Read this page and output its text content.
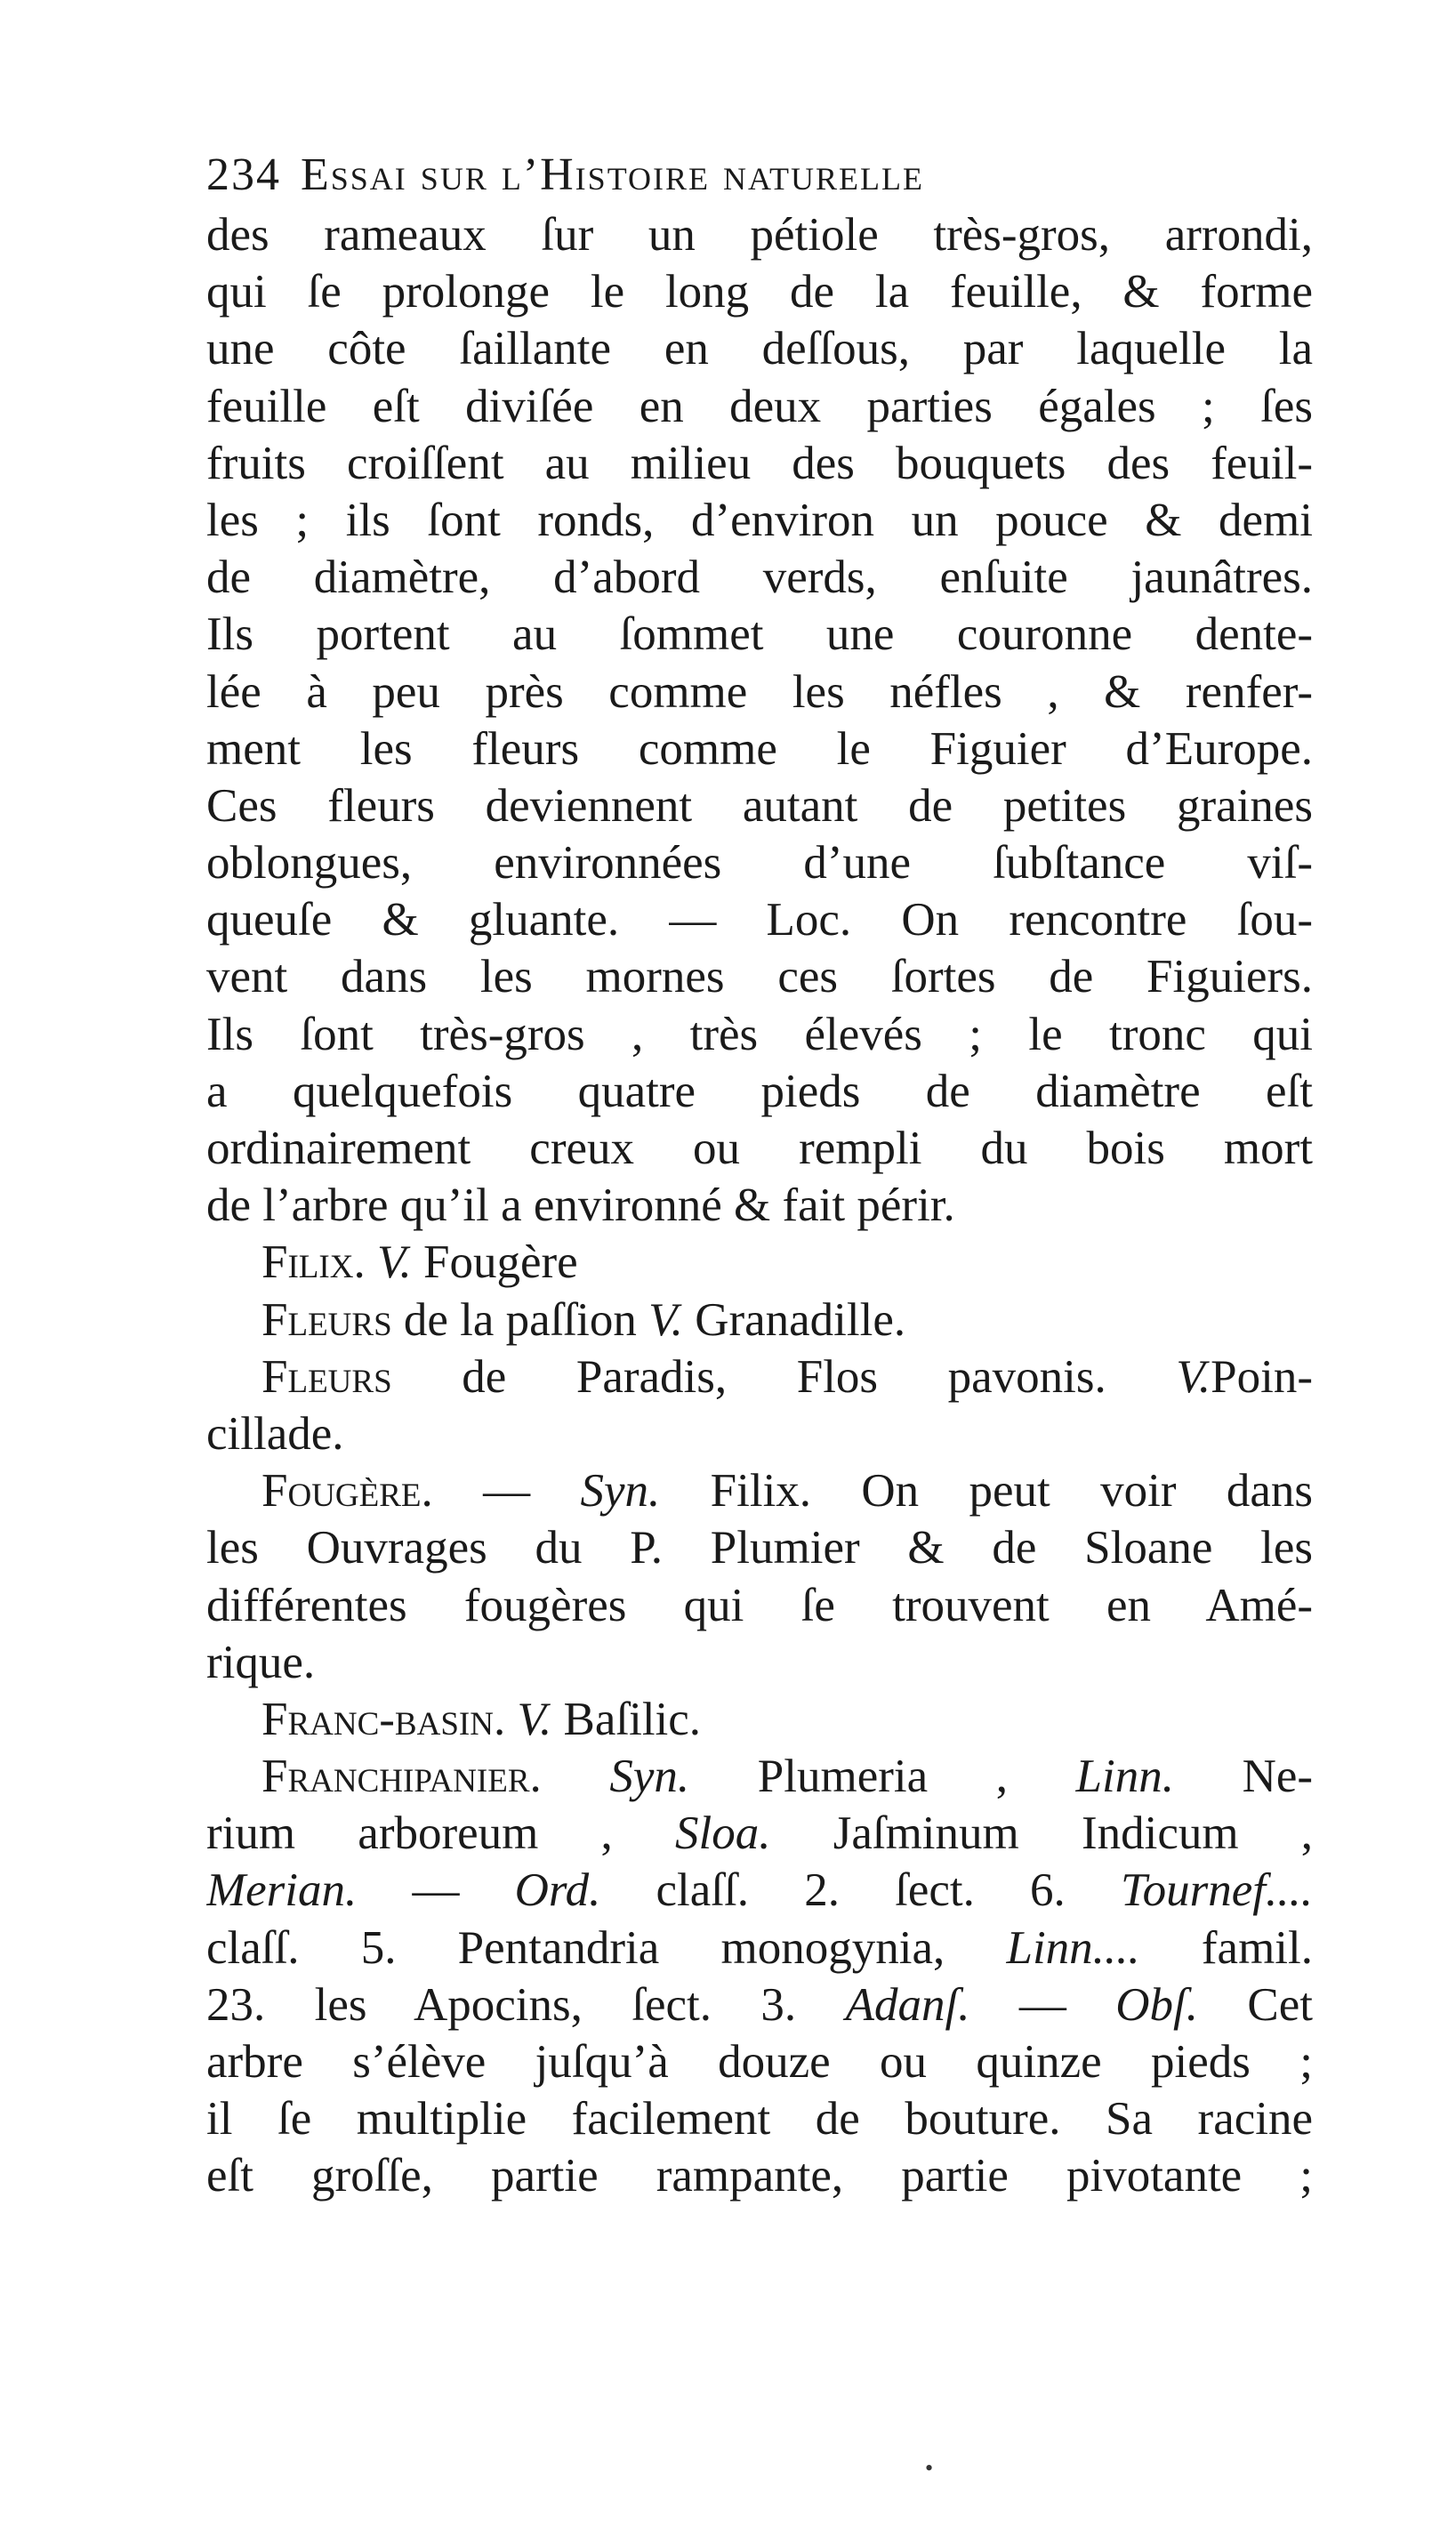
234 Essai sur l’Histoire naturelle
des rameaux ſur un pétiole très-gros, arrondi,
qui ſe prolonge le long de la feuille, & forme
une côte ſaillante en deſſous, par laquelle la
feuille eſt diviſée en deux parties égales ; ſes
fruits croiſſent au milieu des bouquets des feuil-
les ; ils ſont ronds, d’environ un pouce & demi
de diamètre, d’abord verds, enſuite jaunâtres.
Ils portent au ſommet une couronne dente-
lée à peu près comme les néfles , & renfer-
ment les fleurs comme le Figuier d’Europe.
Ces fleurs deviennent autant de petites graines
oblongues, environnées d’une ſubſtance viſ-
queuſe & gluante. — Loc. On rencontre ſou-
vent dans les mornes ces ſortes de Figuiers.
Ils ſont très-gros , très élevés ; le tronc qui
a quelquefois quatre pieds de diamètre eſt
ordinairement creux ou rempli du bois mort
de l’arbre qu’il a environné & fait périr.
Filix. V. Fougère
Fleurs de la paſſion V. Granadille.
Fleurs de Paradis, Flos pavonis. V.Poin-
cillade.
Fougère. — Syn. Filix. On peut voir dans
les Ouvrages du P. Plumier & de Sloane les
différentes fougères qui ſe trouvent en Amé-
rique.
Franc-basin. V. Baſilic.
Franchipanier. Syn. Plumeria , Linn. Ne-
rium arboreum , Sloa. Jaſminum Indicum ,
Merian. — Ord. claſſ. 2. ſect. 6. Tournef....
claſſ. 5. Pentandria monogynia, Linn.... famil.
23. les Apocins, ſect. 3. Adanſ. — Obſ. Cet
arbre s’élève juſqu’à douze ou quinze pieds ;
il ſe multiplie facilement de bouture. Sa racine
eſt groſſe, partie rampante, partie pivotante ;
•
